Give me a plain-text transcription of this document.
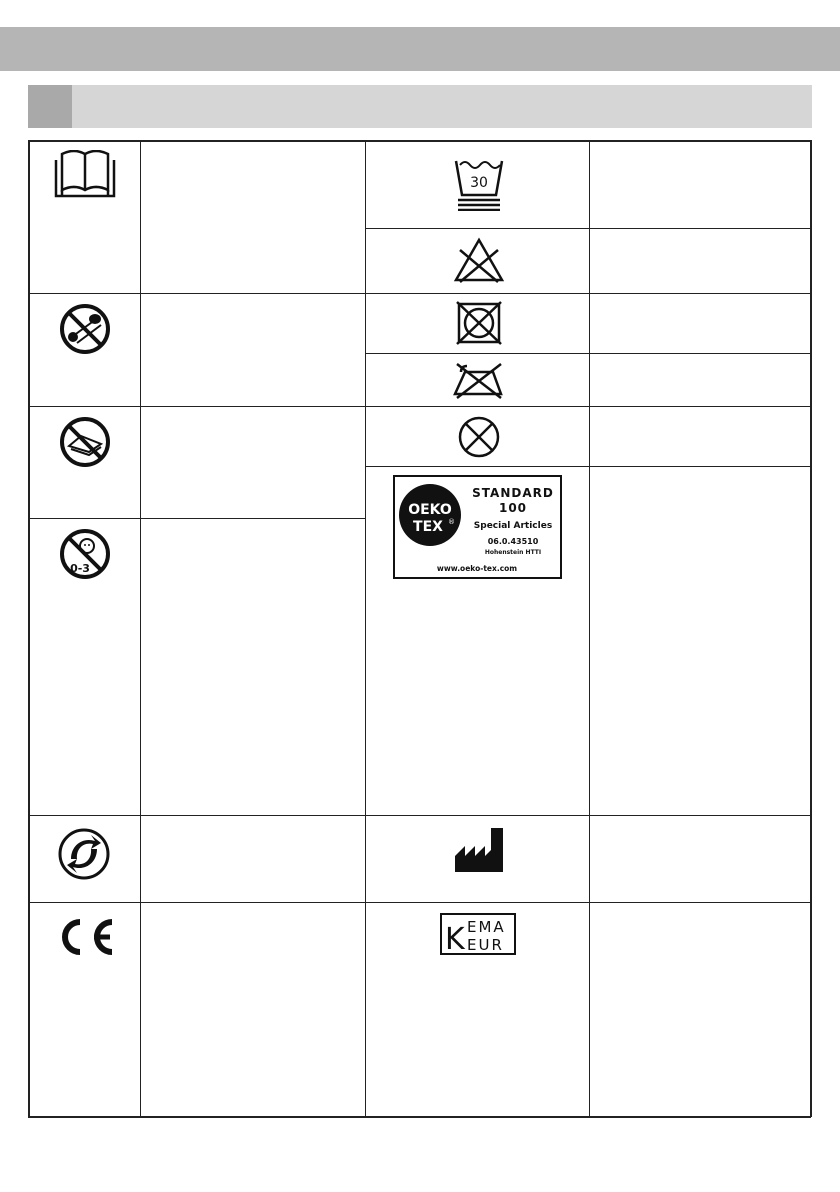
0-3
30
OEKO
TEX ®
STANDARD
100
Special Articles
06.0.43510
Hohenstein HTTI
www.oeko-tex.com
K EMA
EUR
